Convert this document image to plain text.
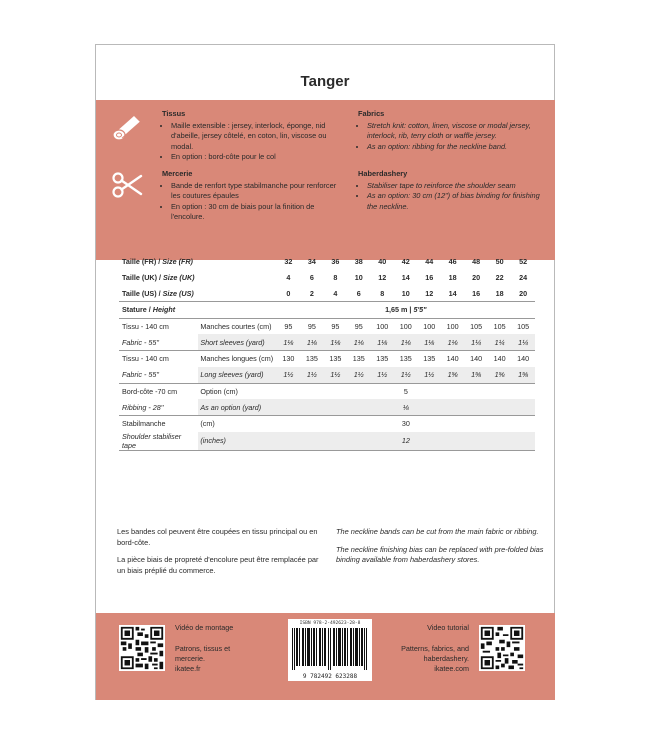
Tanger
Tissus
• Maille extensible : jersey, interlock, éponge, nid d'abeille, jersey côtelé, en coton, lin, viscose ou modal.
• En option : bord-côte pour le col
Mercerie
• Bande de renfort type stabilmanche pour renforcer les coutures épaules
• En option : 30 cm de biais pour la finition de l'encolure.
Fabrics
• Stretch knit: cotton, linen, viscose or modal jersey, interlock, rib, terry cloth or waffle jersey.
• As an option: ribbing for the neckline band.
Haberdashery
• Stabiliser tape to reinforce the shoulder seam
• As an option: 30 cm (12") of bias binding for finishing the neckline.
Taille (FR) / Size (FR)		32	34	36	38	40	42	44	46	48	50	52
Taille (UK) / Size (UK)		4	6	8	10	12	14	16	18	20	22	24
Taille (US) / Size (US)		0	2	4	6	8	10	12	14	16	18	20
Stature / Height		1,65 m | 5'5"										
Tissu - 140 cm	Manches courtes (cm)	95	95	95	95	100	100	100	100	105	105	105
Fabric - 55"	Short sleeves (yard)	1⅛	1⅛	1⅛	1⅛	1⅛	1⅛	1⅛	1⅛	1¼	1¼	1¼
Tissu - 140 cm	Manches longues (cm)	130	135	135	135	135	135	135	140	140	140	140
Fabric - 55"	Long sleeves (yard)	1½	1½	1½	1½	1½	1½	1½	1⅝	1⅝	1⅝	1⅝
Bord-côte -70 cm	Option (cm)	5										
Ribbing - 28''	As an option (yard)	⅛										
Stabilmanche	(cm)	30										
Shoulder stabiliser tape	(inches)	12										

Les bandes col peuvent être coupées en tissu principal ou en bord-côte.

La pièce biais de propreté d'encolure peut être remplacée par un biais préplié du commerce.

The neckline bands can be cut from the main fabric or ribbing.

The neckline finishing bias can be replaced with pre-folded bias binding available from haberdashery stores.

Vidéo de montage
Patrons, tissus et
mercerie.
ikatee.fr
ISBN 978-2-492623-28-8
9 782492 623288
Video tutorial
Patterns, fabrics, and
haberdashery.
ikatee.com
